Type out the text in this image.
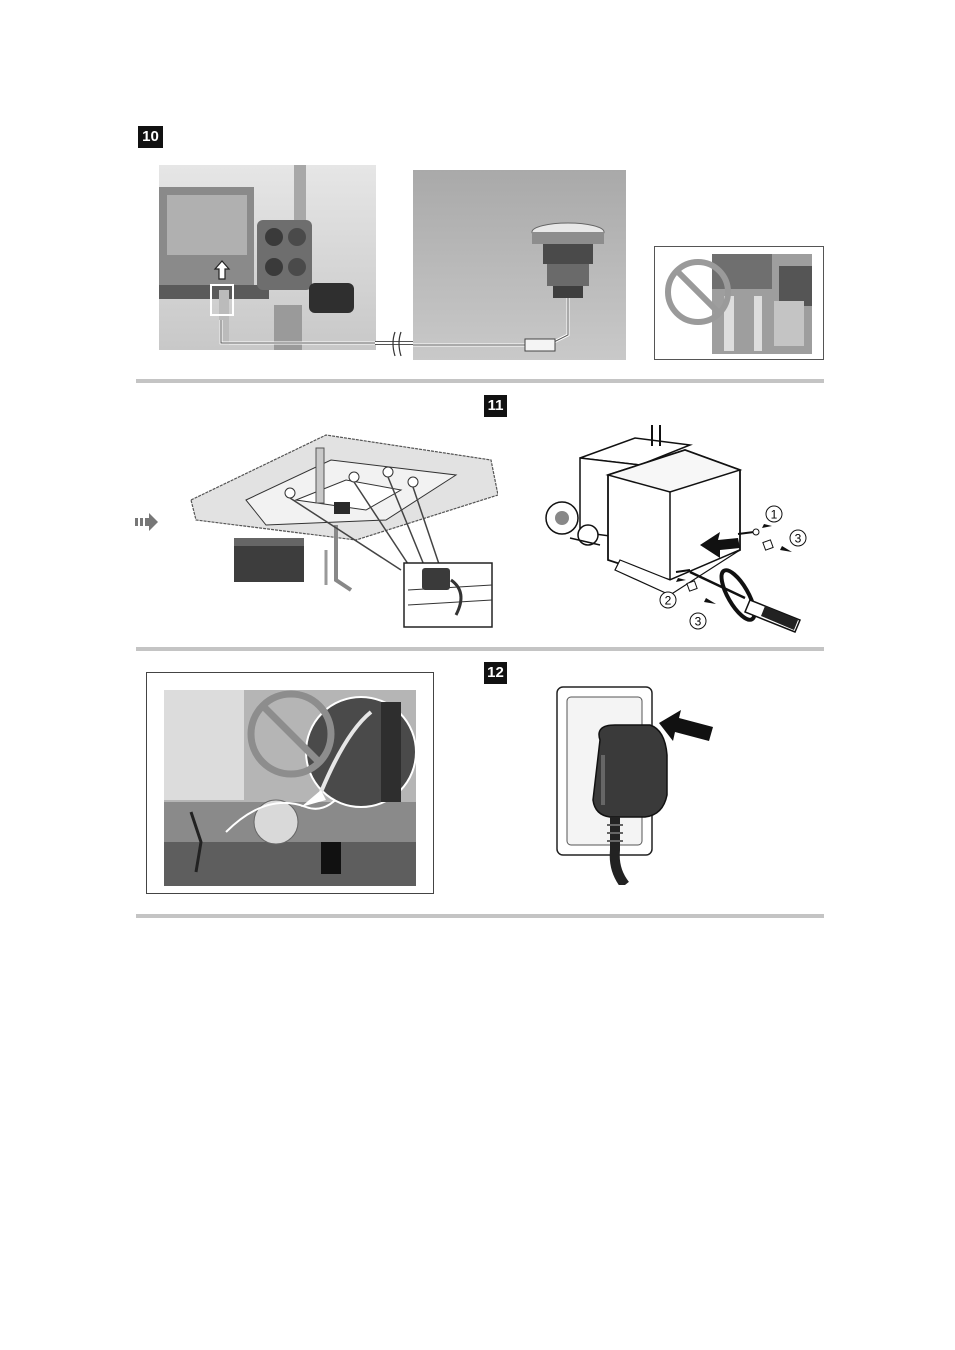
10
11
1
3
2
3
12
